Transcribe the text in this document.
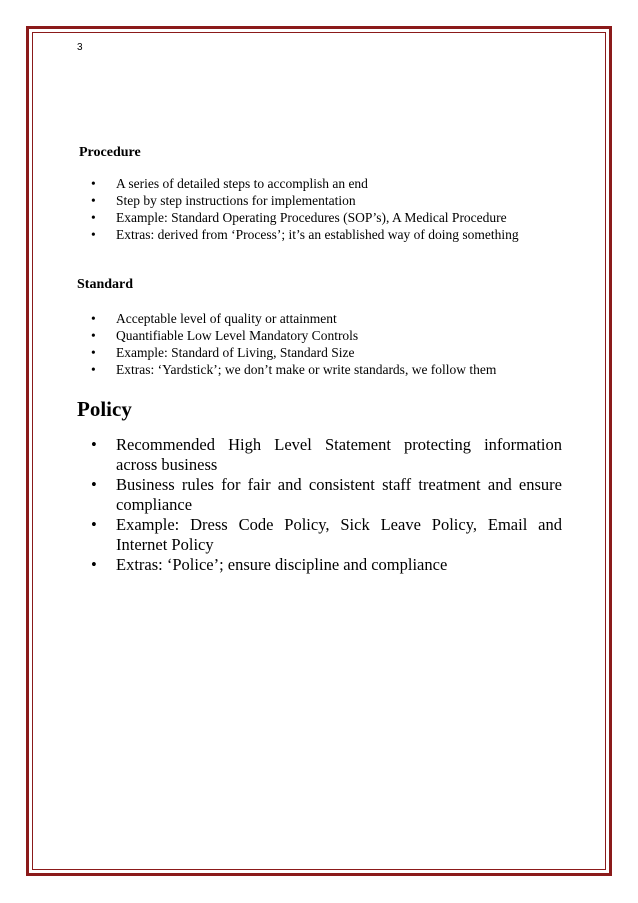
3
Procedure
• A series of detailed steps to accomplish an end
• Step by step instructions for implementation
• Example: Standard Operating Procedures (SOP’s), A Medical Procedure
• Extras: derived from ‘Process’; it’s an established way of doing something
Standard
• Acceptable level of quality or attainment
• Quantifiable Low Level Mandatory Controls
• Example: Standard of Living, Standard Size
• Extras: ‘Yardstick’; we don’t make or write standards, we follow them
Policy
• Recommended High Level Statement protecting information across business
• Business rules for fair and consistent staff treatment and ensure compliance
• Example: Dress Code Policy, Sick Leave Policy, Email and Internet Policy
• Extras: ‘Police’; ensure discipline and compliance
